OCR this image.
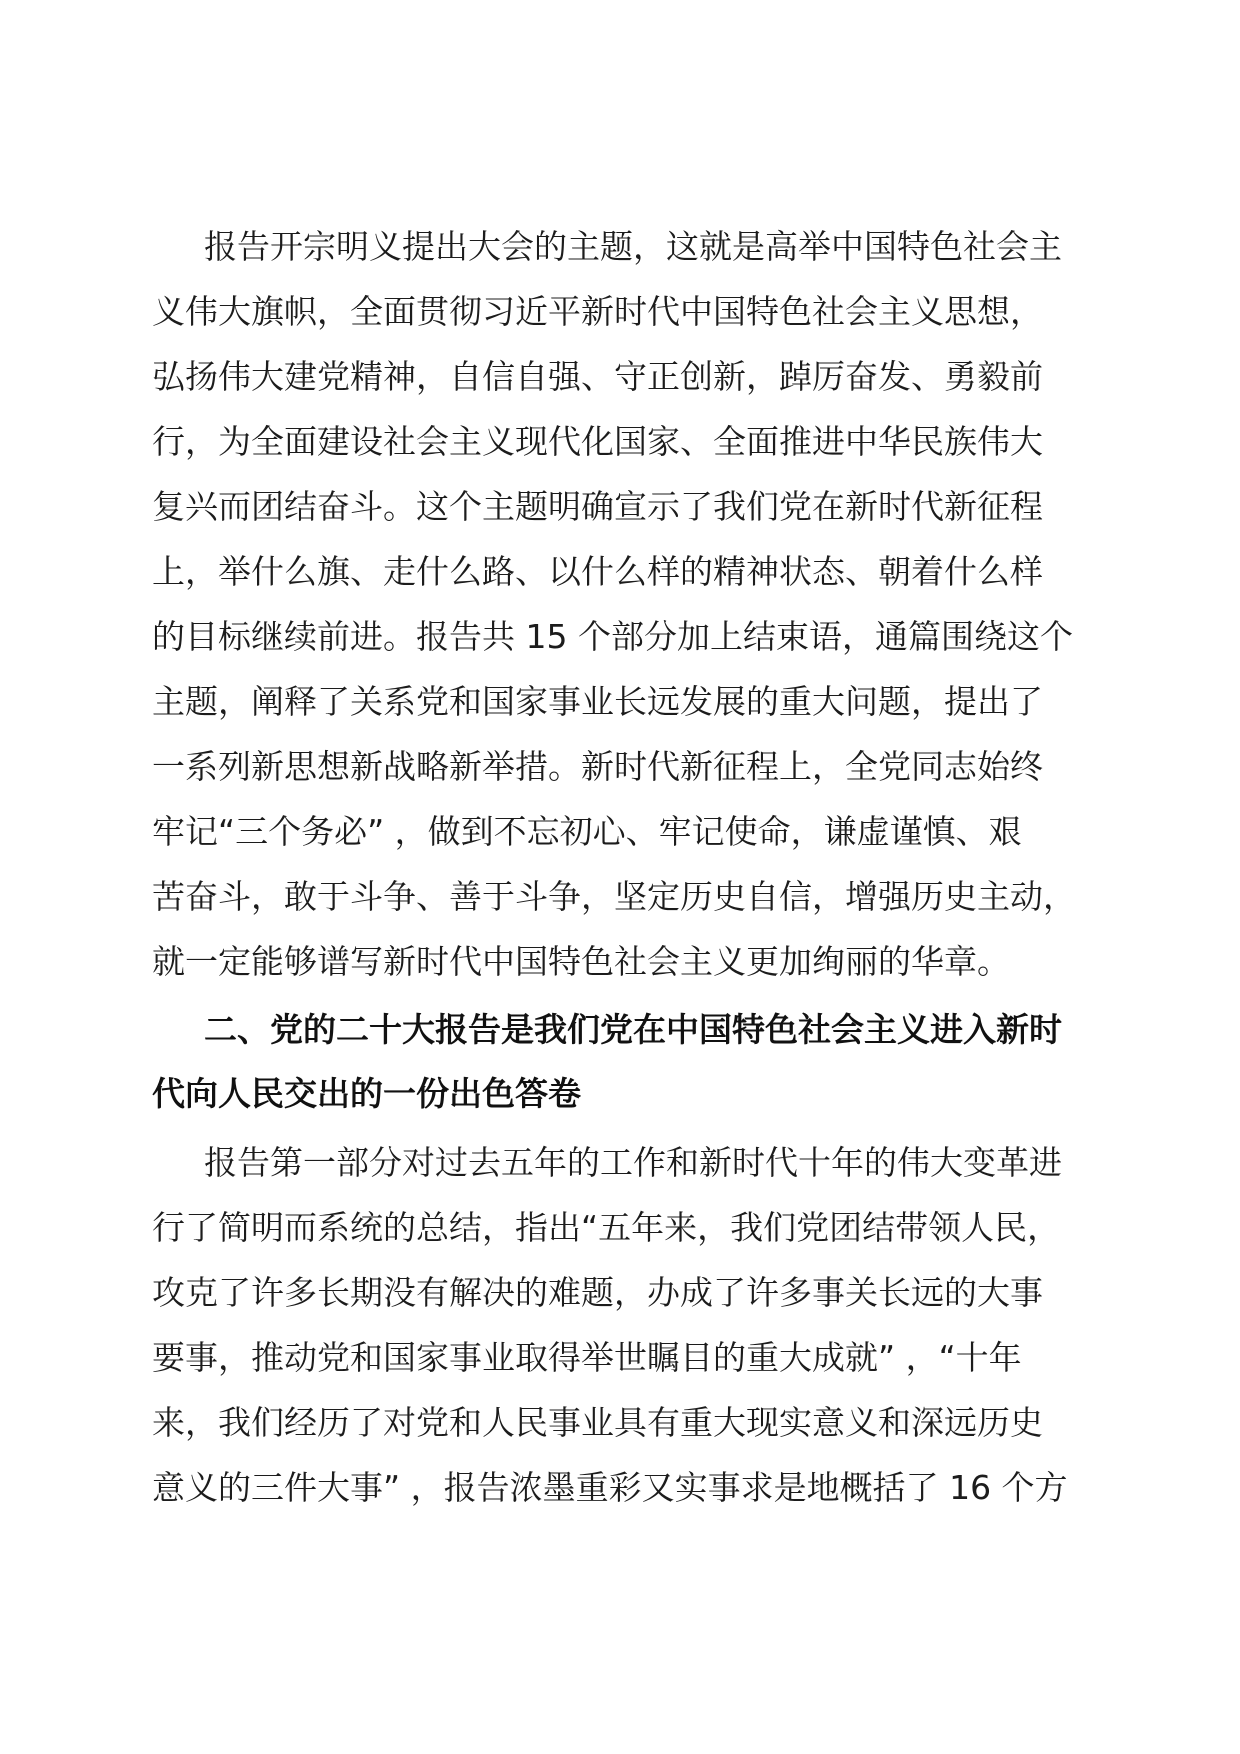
报告开宗明义提出大会的主题，这就是高举中国特色社会主
义伟大旗帜，全面贯彻习近平新时代中国特色社会主义思想，
弘扬伟大建党精神，自信自强、守正创新，踔厉奋发、勇毅前
行，为全面建设社会主义现代化国家、全面推进中华民族伟大
复兴而团结奋斗。这个主题明确宣示了我们党在新时代新征程
上，举什么旗、走什么路、以什么样的精神状态、朝着什么样
的目标继续前进。报告共 15 个部分加上结束语，通篇围绕这个
主题，阐释了关系党和国家事业长远发展的重大问题，提出了
一系列新思想新战略新举措。新时代新征程上，全党同志始终
牢记“三个务必” ，做到不忘初心、牢记使命，谦虚谨慎、艰
苦奋斗，敢于斗争、善于斗争，坚定历史自信，增强历史主动，
就一定能够谱写新时代中国特色社会主义更加绚丽的华章。
二、党的二十大报告是我们党在中国特色社会主义进入新时
代向人民交出的一份出色答卷
报告第一部分对过去五年的工作和新时代十年的伟大变革进
行了简明而系统的总结，指出“五年来，我们党团结带领人民，
攻克了许多长期没有解决的难题，办成了许多事关长远的大事
要事，推动党和国家事业取得举世瞩目的重大成就” ，“十年
来，我们经历了对党和人民事业具有重大现实意义和深远历史
意义的三件大事” ，报告浓墨重彩又实事求是地概括了 16 个方
